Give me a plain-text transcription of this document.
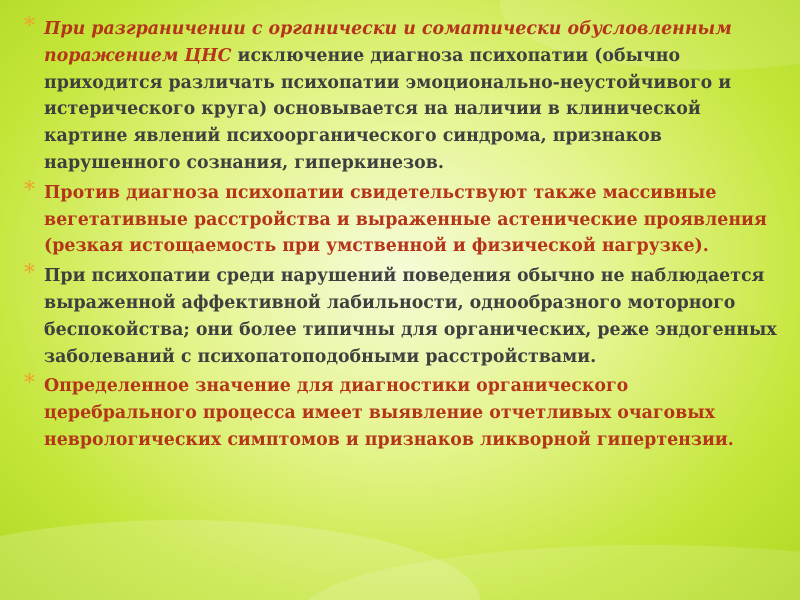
* При разграничении с органически и соматически обусловленным поражением ЦНС исключение диагноза психопатии (обычно приходится различать психопатии эмоционально-неустойчивого и истерического круга) основывается на наличии в клинической картине явлений психоорганического синдрома, признаков нарушенного сознания, гиперкинезов.

* Против диагноза психопатии свидетельствуют также массивные вегетативные расстройства и выраженные астенические проявления (резкая истощаемость при умственной и физической нагрузке).

* При психопатии среди нарушений поведения обычно не наблюдается выраженной аффективной лабильности, однообразного моторного беспокойства; они более типичны для органических, реже эндогенных заболеваний с психопатоподобными расстройствами.

* Определенное значение для диагностики органического церебрального процесса имеет выявление отчетливых очаговых неврологических симптомов и признаков ликворной гипертензии.
